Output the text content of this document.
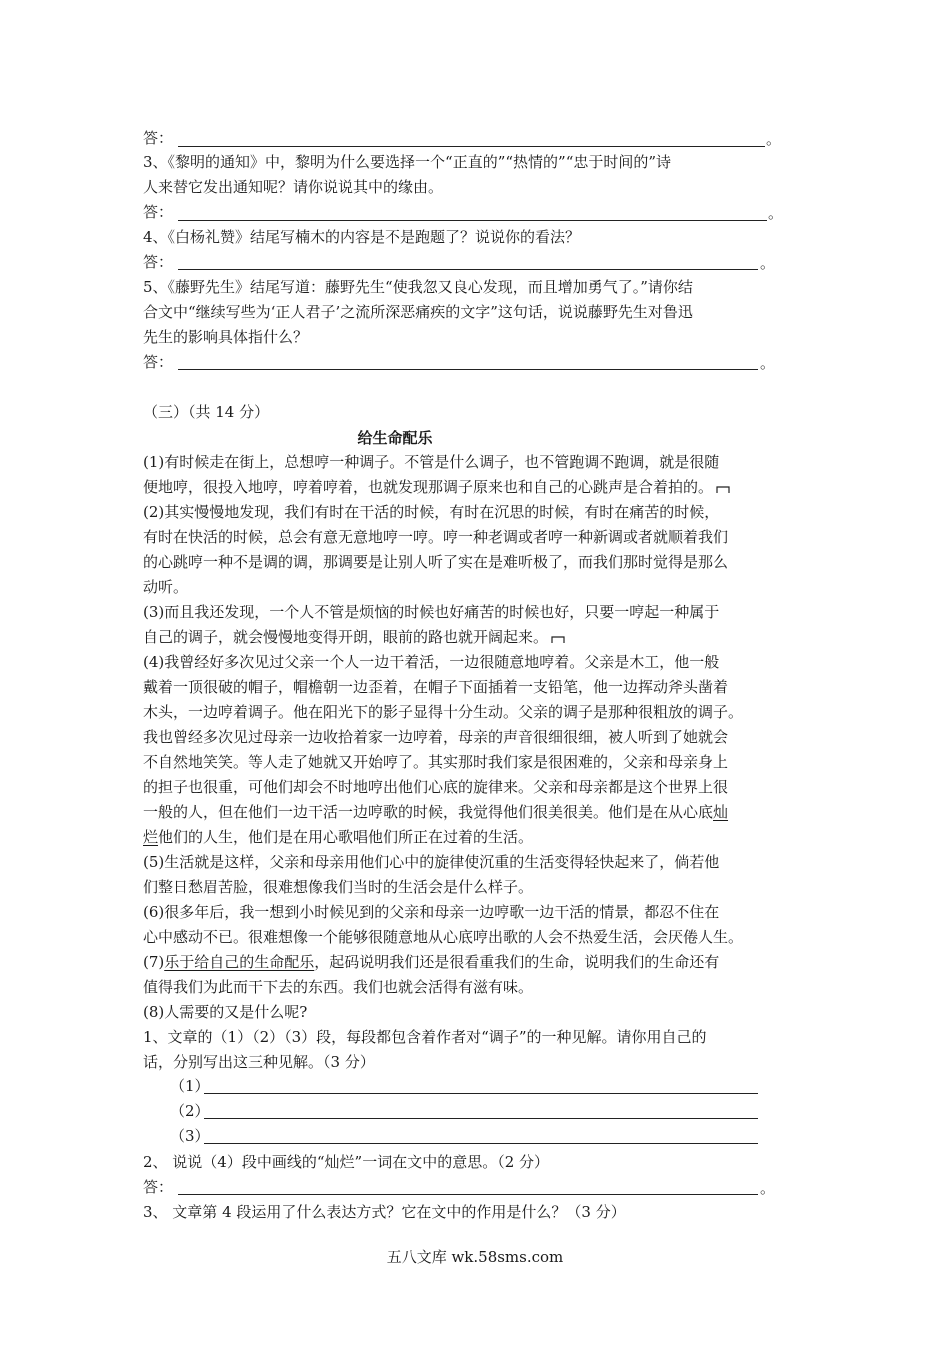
答：	。
3、《黎明的通知》中，黎明为什么要选择一个“正直的”“热情的”“忠于时间的”诗
人来替它发出通知呢？请你说说其中的缘由。
答：	。
4、《白杨礼赞》结尾写楠木的内容是不是跑题了？说说你的看法？
答：	。
5、《藤野先生》结尾写道：藤野先生“使我忽又良心发现，而且增加勇气了。”请你结
合文中“继续写些为‘正人君子’之流所深恶痛疾的文字”这句话，说说藤野先生对鲁迅
先生的影响具体指什么？
答：	。
（三）（共 14 分）
给生命配乐
(1)有时候走在街上，总想哼一种调子。不管是什么调子，也不管跑调不跑调，就是很随
便地哼，很投入地哼，哼着哼着，也就发现那调子原来也和自己的心跳声是合着拍的。
(2)其实慢慢地发现，我们有时在干活的时候，有时在沉思的时候，有时在痛苦的时候，
有时在快活的时候，总会有意无意地哼一哼。哼一种老调或者哼一种新调或者就顺着我们
的心跳哼一种不是调的调，那调要是让别人听了实在是难听极了，而我们那时觉得是那么
动听。
(3)而且我还发现，一个人不管是烦恼的时候也好痛苦的时候也好，只要一哼起一种属于
自己的调子，就会慢慢地变得开朗，眼前的路也就开阔起来。
(4)我曾经好多次见过父亲一个人一边干着活，一边很随意地哼着。父亲是木工，他一般
戴着一顶很破的帽子，帽檐朝一边歪着，在帽子下面插着一支铅笔，他一边挥动斧头凿着
木头，一边哼着调子。他在阳光下的影子显得十分生动。父亲的调子是那种很粗放的调子。
我也曾经多次见过母亲一边收拾着家一边哼着，母亲的声音很细很细，被人听到了她就会
不自然地笑笑。等人走了她就又开始哼了。其实那时我们家是很困难的，父亲和母亲身上
的担子也很重，可他们却会不时地哼出他们心底的旋律来。父亲和母亲都是这个世界上很
一般的人，但在他们一边干活一边哼歌的时候，我觉得他们很美很美。他们是在从心底灿
烂他们的人生，他们是在用心歌唱他们所正在过着的生活。
(5)生活就是这样，父亲和母亲用他们心中的旋律使沉重的生活变得轻快起来了，倘若他
们整日愁眉苦脸，很难想像我们当时的生活会是什么样子。
(6)很多年后，我一想到小时候见到的父亲和母亲一边哼歌一边干活的情景，都忍不住在
心中感动不已。很难想像一个能够很随意地从心底哼出歌的人会不热爱生活，会厌倦人生。
(7)乐于给自己的生命配乐，起码说明我们还是很看重我们的生命，说明我们的生命还有
值得我们为此而干下去的东西。我们也就会活得有滋有味。
(8)人需要的又是什么呢?
1、文章的（1）（2）（3）段，每段都包含着作者对“调子”的一种见解。请你用自己的
话，分别写出这三种见解。（3 分）
（1）
（2）
（3）
2、 说说（4）段中画线的“灿烂”一词在文中的意思。（2 分）
答：	。
3、 文章第 4 段运用了什么表达方式？它在文中的作用是什么？（3 分）
五八文库 wk.58sms.com
